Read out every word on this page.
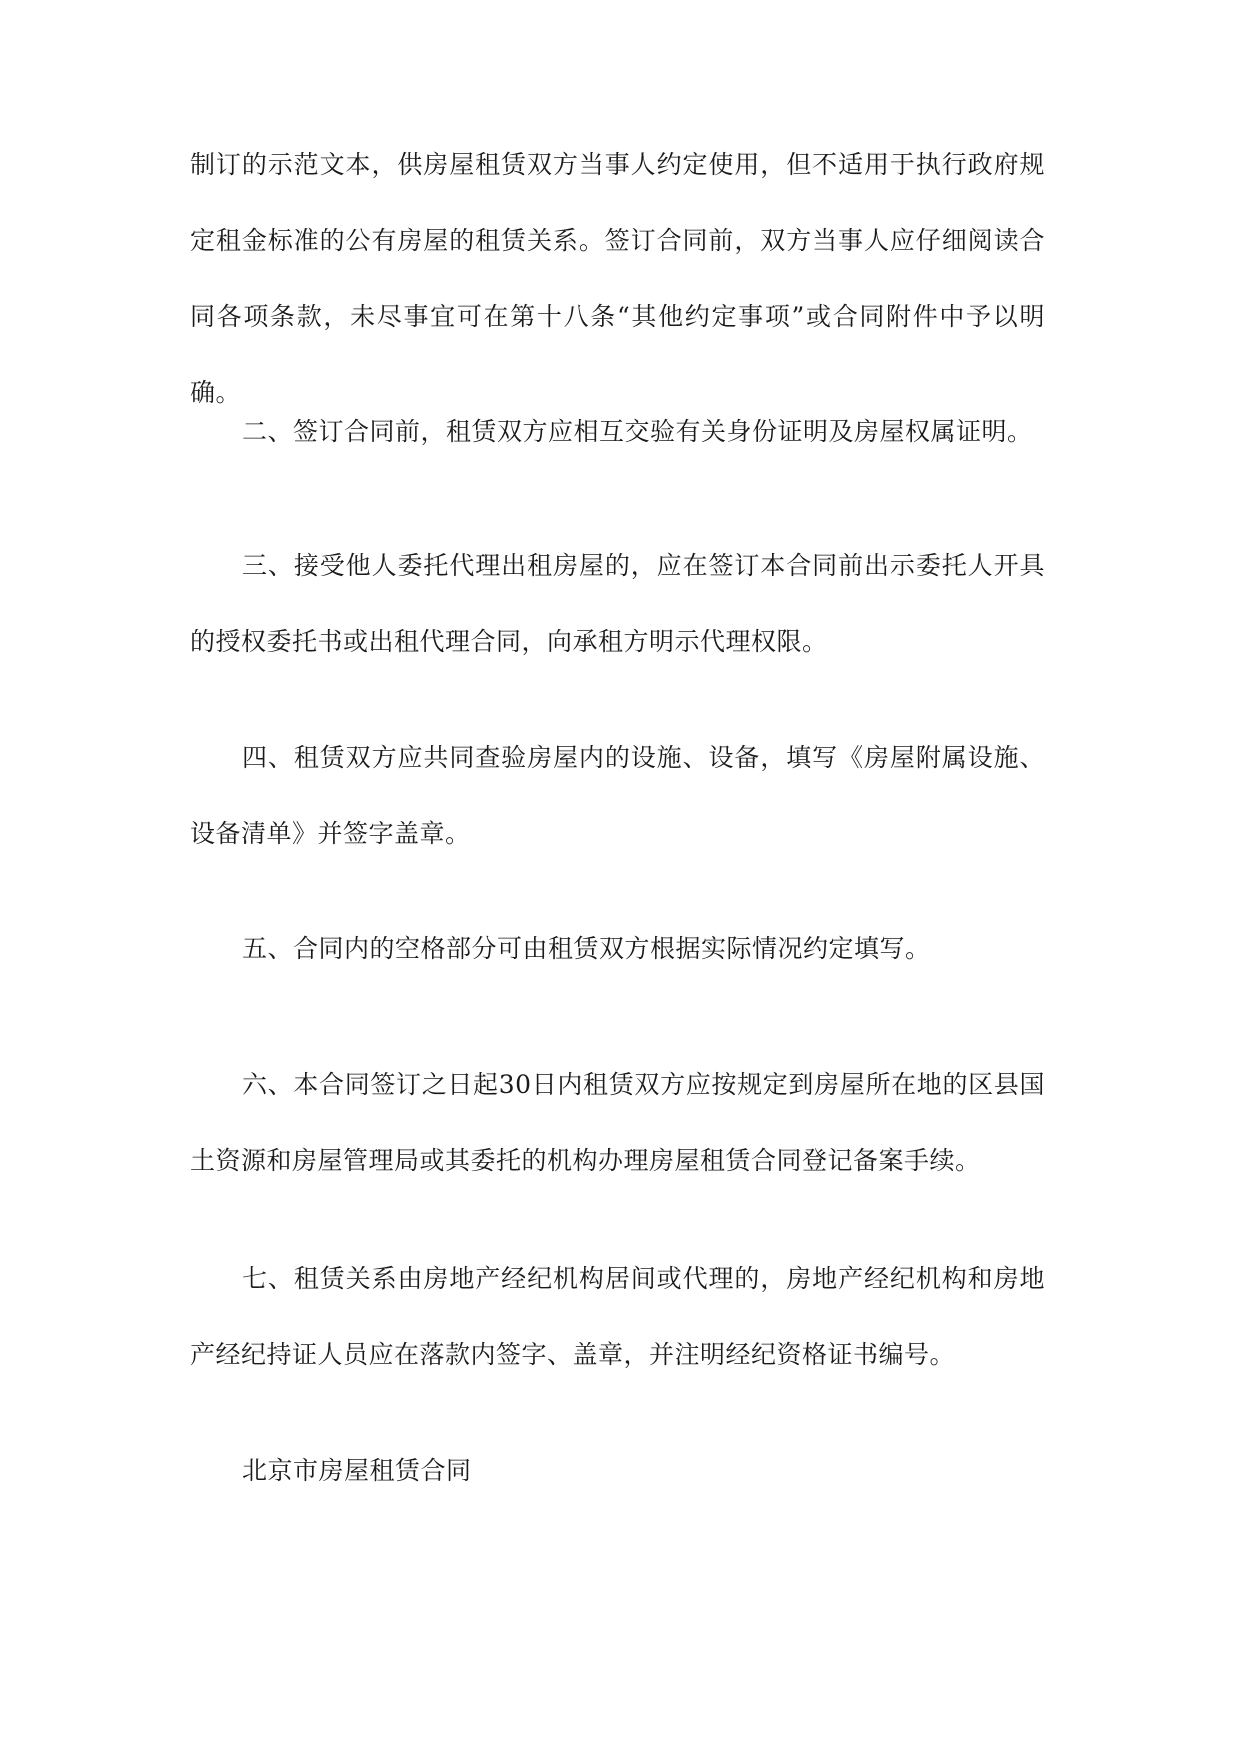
制订的示范文本，供房屋租赁双方当事人约定使用，但不适用于执行政府规定租金标准的公有房屋的租赁关系。签订合同前，双方当事人应仔细阅读合同各项条款，未尽事宜可在第十八条“其他约定事项”或合同附件中予以明确。

二、签订合同前，租赁双方应相互交验有关身份证明及房屋权属证明。

三、接受他人委托代理出租房屋的，应在签订本合同前出示委托人开具的授权委托书或出租代理合同，向承租方明示代理权限。

四、租赁双方应共同查验房屋内的设施、设备，填写《房屋附属设施、设备清单》并签字盖章。

五、合同内的空格部分可由租赁双方根据实际情况约定填写。

六、本合同签订之日起30日内租赁双方应按规定到房屋所在地的区县国土资源和房屋管理局或其委托的机构办理房屋租赁合同登记备案手续。

七、租赁关系由房地产经纪机构居间或代理的，房地产经纪机构和房地产经纪持证人员应在落款内签字、盖章，并注明经纪资格证书编号。

北京市房屋租赁合同
